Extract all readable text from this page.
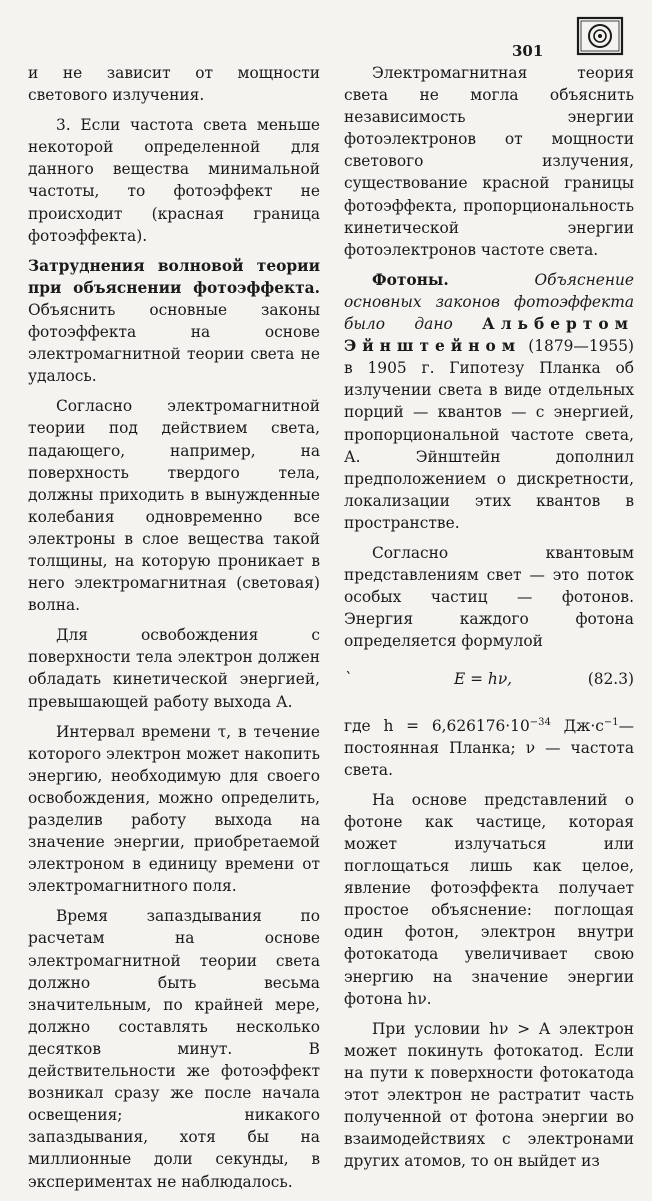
301

и не зависит от мощности светового излучения.

3. Если частота света меньше некоторой определенной для данного вещества минимальной частоты, то фотоэффект не происходит (красная граница фотоэффекта).

Затруднения волновой теории при объяснении фотоэффекта. Объяснить основные законы фотоэффекта на основе электромагнитной теории света не удалось.

Согласно электромагнитной теории под действием света, падающего, например, на поверхность твердого тела, должны приходить в вынужденные колебания одновременно все электроны в слое вещества такой толщины, на которую проникает в него электромагнитная (световая) волна.

Для освобождения с поверхности тела электрон должен обладать кинетической энергией, превышающей работу выхода А.

Интервал времени τ, в течение которого электрон может накопить энергию, необходимую для своего освобождения, можно определить, разделив работу выхода на значение энергии, приобретаемой электроном в единицу времени от электромагнитного поля.

Время запаздывания по расчетам на основе электромагнитной теории света должно быть весьма значительным, по крайней мере, должно составлять несколько десятков минут. В действительности же фотоэффект возникал сразу же после начала освещения; никакого запаздывания, хотя бы на миллионные доли секунды, в экспериментах не наблюдалось.

Электромагнитная теория света не могла объяснить независимость энергии фотоэлектронов от мощности светового излучения, существование красной границы фотоэффекта, пропорциональность кинетической энергии фотоэлектронов частоте света.

Фотоны.	Объяснение основных законов фотоэффекта было дано Альбертом Эйнштейном (1879—1955) в 1905 г. Гипотезу Планка об излучении света в виде отдельных порций — квантов — с энергией, пропорциональной частоте света, А. Эйнштейн дополнил предположением о дискретности, локализации этих квантов в пространстве.

Согласно квантовым представлениям свет — это поток особых частиц — фотонов. Энергия каждого фотона определяется формулой

`	E = hν,	(82.3)

где $h = 6,626176\cdot 10^{-34}$ $Дж\cdot с^{-1}—$ постоянная Планка; ν — частота света.

На основе представлений о фотоне как частице, которая может излучаться или поглощаться лишь как целое, явление фотоэффекта получает простое объяснение: поглощая один фотон, электрон внутри фотокатода увеличивает свою энергию на значение энергии фотона hν.

При условии hν > A электрон может покинуть фотокатод. Если на пути к поверхности фотокатода этот электрон не растратит часть полученной от фотона энергии во взаимодействиях с электронами других атомов, то он выйдет из
